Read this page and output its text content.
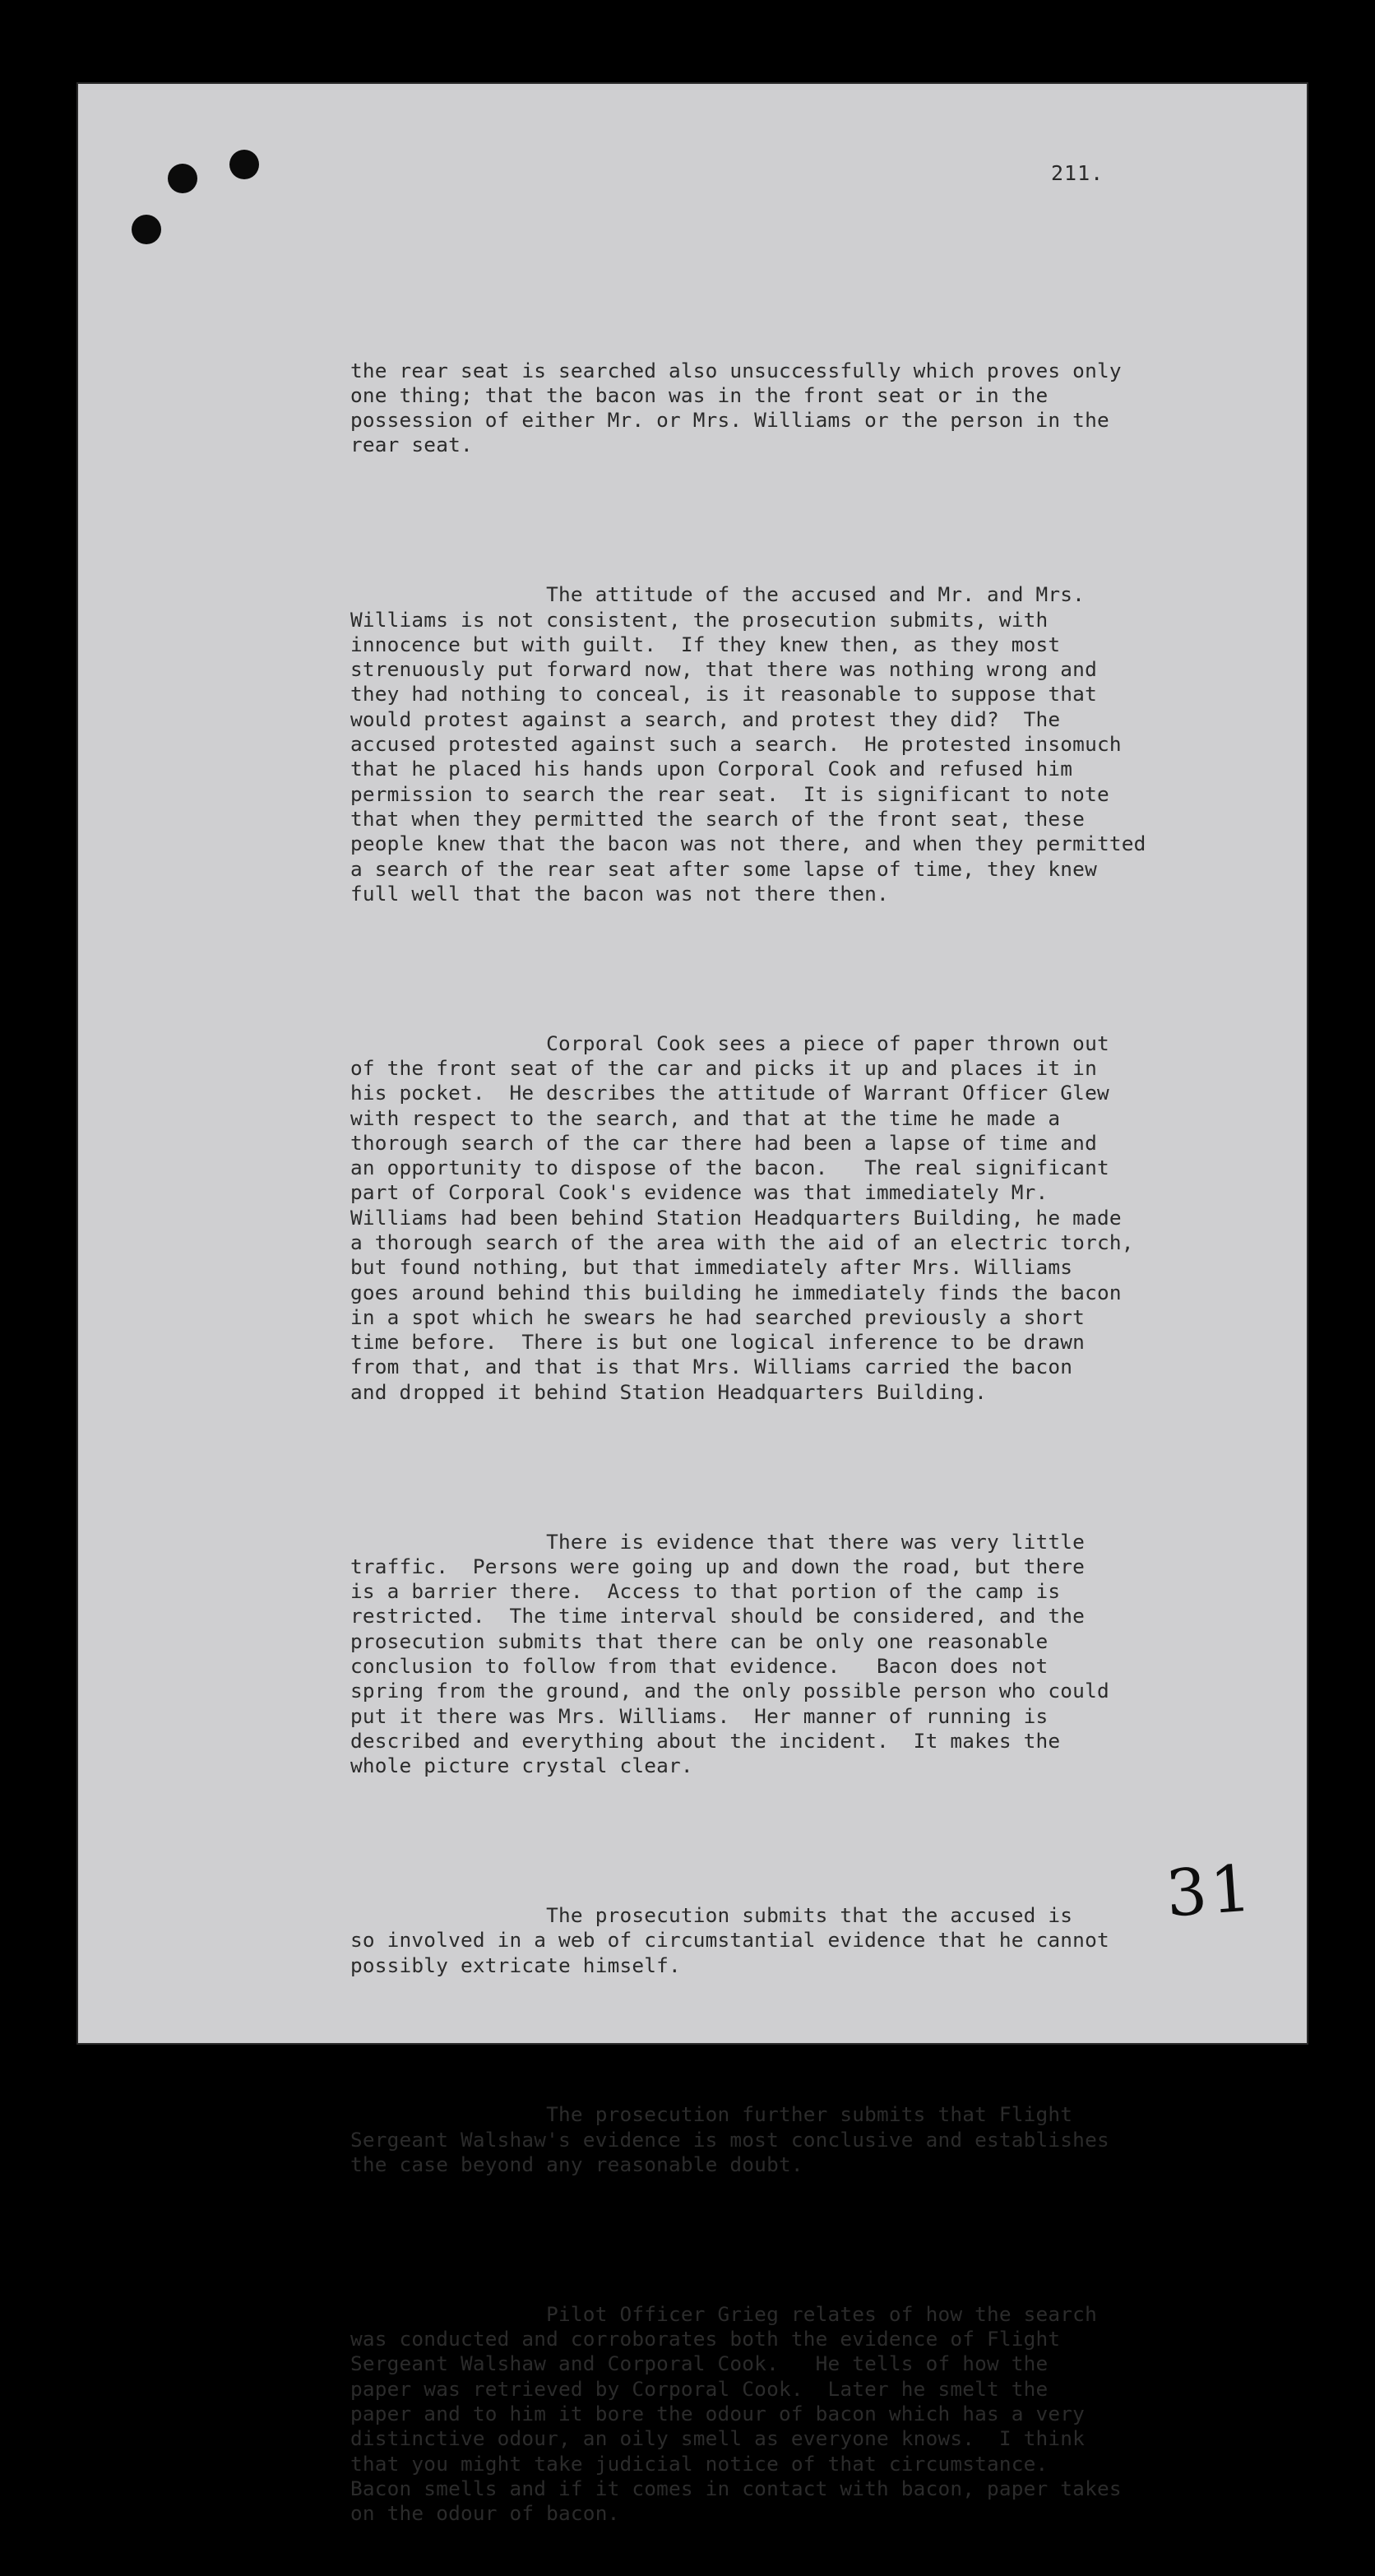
211.

the rear seat is searched also unsuccessfully which proves only
one thing; that the bacon was in the front seat or in the
possession of either Mr. or Mrs. Williams or the person in the
rear seat.

The attitude of the accused and Mr. and Mrs.
Williams is not consistent, the prosecution submits, with
innocence but with guilt.  If they knew then, as they most
strenuously put forward now, that there was nothing wrong and
they had nothing to conceal, is it reasonable to suppose that
would protest against a search, and protest they did?  The
accused protested against such a search.  He protested insomuch
that he placed his hands upon Corporal Cook and refused him
permission to search the rear seat.  It is significant to note
that when they permitted the search of the front seat, these
people knew that the bacon was not there, and when they permitted
a search of the rear seat after some lapse of time, they knew
full well that the bacon was not there then.

Corporal Cook sees a piece of paper thrown out
of the front seat of the car and picks it up and places it in
his pocket.  He describes the attitude of Warrant Officer Glew
with respect to the search, and that at the time he made a
thorough search of the car there had been a lapse of time and
an opportunity to dispose of the bacon.   The real significant
part of Corporal Cook's evidence was that immediately Mr.
Williams had been behind Station Headquarters Building, he made
a thorough search of the area with the aid of an electric torch,
but found nothing, but that immediately after Mrs. Williams
goes around behind this building he immediately finds the bacon
in a spot which he swears he had searched previously a short
time before.  There is but one logical inference to be drawn
from that, and that is that Mrs. Williams carried the bacon
and dropped it behind Station Headquarters Building.

There is evidence that there was very little
traffic.  Persons were going up and down the road, but there
is a barrier there.  Access to that portion of the camp is
restricted.  The time interval should be considered, and the
prosecution submits that there can be only one reasonable
conclusion to follow from that evidence.   Bacon does not
spring from the ground, and the only possible person who could
put it there was Mrs. Williams.  Her manner of running is
described and everything about the incident.  It makes the
whole picture crystal clear.

The prosecution submits that the accused is
so involved in a web of circumstantial evidence that he cannot
possibly extricate himself.

The prosecution further submits that Flight
Sergeant Walshaw's evidence is most conclusive and establishes
the case beyond any reasonable doubt.

Pilot Officer Grieg relates of how the search
was conducted and corroborates both the evidence of Flight
Sergeant Walshaw and Corporal Cook.   He tells of how the
paper was retrieved by Corporal Cook.  Later he smelt the
paper and to him it bore the odour of bacon which has a very
distinctive odour, an oily smell as everyone knows.  I think
that you might take judicial notice of that circumstance.
Bacon smells and if it comes in contact with bacon, paper takes
on the odour of bacon.

31
